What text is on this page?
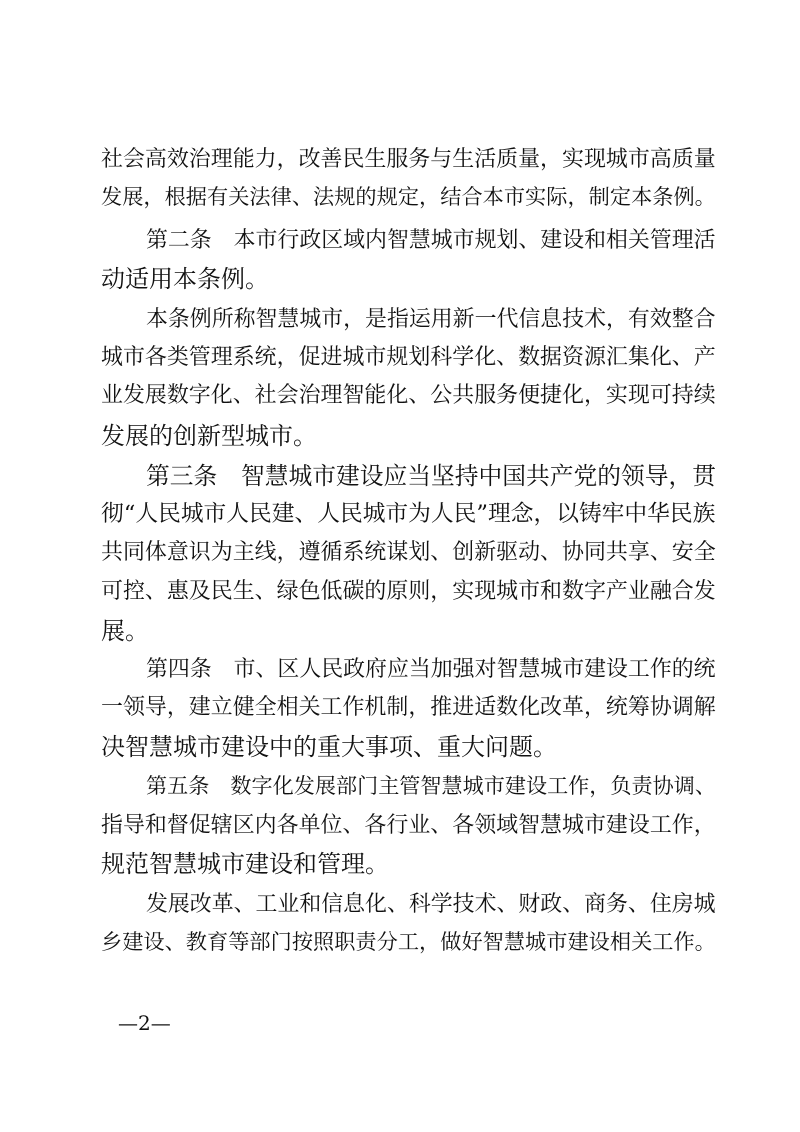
社会高效治理能力，改善民生服务与生活质量，实现城市高质量
发展，根据有关法律、法规的规定，结合本市实际，制定本条例。
第二条　本市行政区域内智慧城市规划、建设和相关管理活
动适用本条例。
本条例所称智慧城市，是指运用新一代信息技术，有效整合
城市各类管理系统，促进城市规划科学化、数据资源汇集化、产
业发展数字化、社会治理智能化、公共服务便捷化，实现可持续
发展的创新型城市。
第三条　智慧城市建设应当坚持中国共产党的领导，贯
彻“人民城市人民建、人民城市为人民”理念，以铸牢中华民族
共同体意识为主线，遵循系统谋划、创新驱动、协同共享、安全
可控、惠及民生、绿色低碳的原则，实现城市和数字产业融合发
展。
第四条　市、区人民政府应当加强对智慧城市建设工作的统
一领导，建立健全相关工作机制，推进适数化改革，统筹协调解
决智慧城市建设中的重大事项、重大问题。
第五条　数字化发展部门主管智慧城市建设工作，负责协调、
指导和督促辖区内各单位、各行业、各领域智慧城市建设工作，
规范智慧城市建设和管理。
发展改革、工业和信息化、科学技术、财政、商务、住房城
乡建设、教育等部门按照职责分工，做好智慧城市建设相关工作。
—2—
